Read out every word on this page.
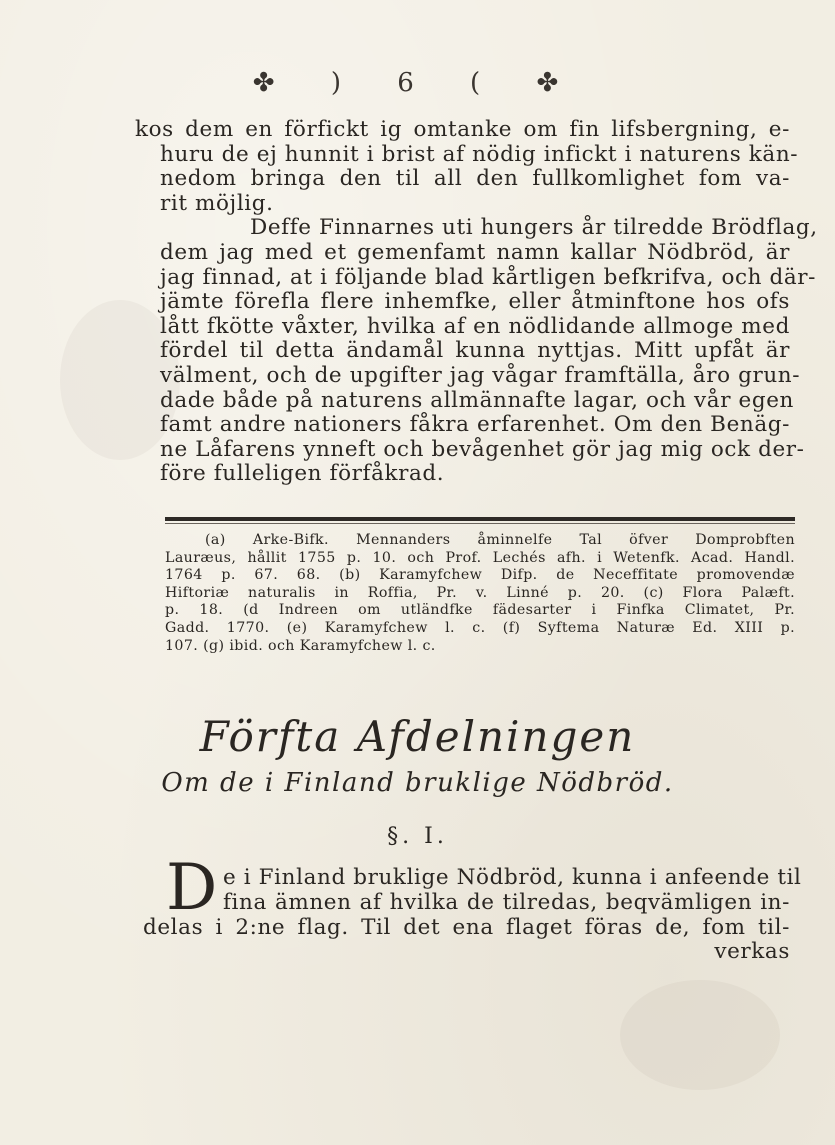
✤ ) 6 ( ✤
kos dem en förfickt ig omtanke om fin lifsbergning, e-
huru de ej hunnit i brist af nödig infickt i naturens kän-
nedom bringa den til all den fullkomlighet fom va-
rit möjlig.
Deffe Finnarnes uti hungers år tilredde Brödflag,
dem jag med et gemenfamt namn kallar Nödbröd, är
jag finnad, at i följande blad kårtligen befkrifva, och där-
jämte förefla flere inhemfke, eller åtminftone hos ofs
lått fkötte våxter, hvilka af en nödlidande allmoge med
fördel til detta ändamål kunna nyttjas. Mitt upfåt är
välment, och de upgifter jag vågar framftälla, åro grun-
dade både på naturens allmännafte lagar, och vår egen
famt andre nationers fåkra erfarenhet. Om den Benäg-
ne Låfarens ynneft och bevågenhet gör jag mig ock der-
före fulleligen förfåkrad.
(a) Arke-Bifk. Mennanders åminnelfe Tal öfver Domprobften
Lauræus, hållit 1755 p. 10. och Prof. Lechés afh. i Wetenfk. Acad. Handl.
1764 p. 67. 68. (b) Karamyfchew Difp. de Neceffitate promovendæ
Hiftoriæ naturalis in Roffia, Pr. v. Linné p. 20. (c) Flora Palæft.
p. 18. (d Indreen om utländfke fädesarter i Finfka Climatet, Pr.
Gadd. 1770. (e) Karamyfchew l. c. (f) Syftema Naturæ Ed. XIII p.
107. (g) ibid. och Karamyfchew l. c.
Förfta Afdelningen
Om de i Finland bruklige Nödbröd.
§. I.
D e i Finland bruklige Nödbröd, kunna i anfeende til
fina ämnen af hvilka de tilredas, beqvämligen in-
delas i 2:ne flag. Til det ena flaget föras de, fom til-
verkas
